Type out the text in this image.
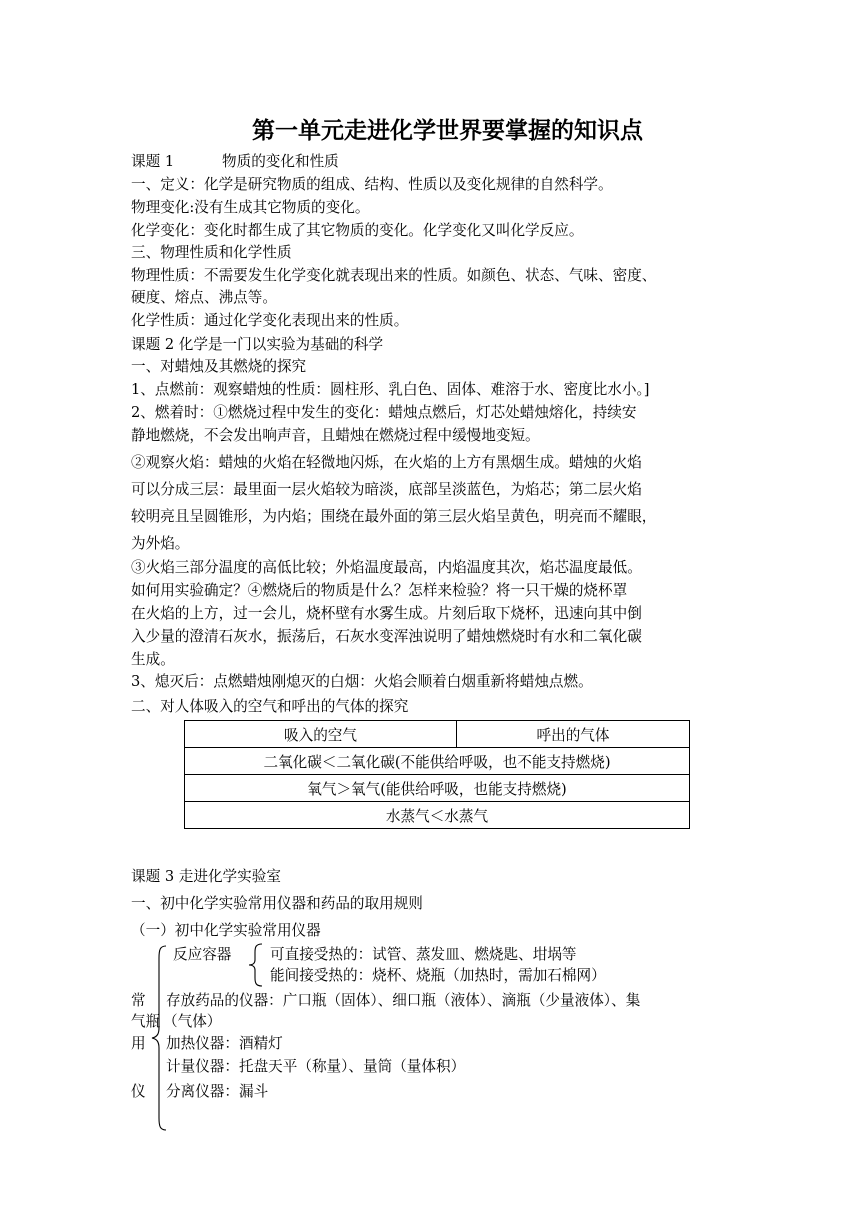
第一单元走进化学世界要掌握的知识点
课题 1	物质的变化和性质
一、定义：化学是研究物质的组成、结构、性质以及变化规律的自然科学。
物理变化:没有生成其它物质的变化。
化学变化：变化时都生成了其它物质的变化。化学变化又叫化学反应。
三、物理性质和化学性质
物理性质：不需要发生化学变化就表现出来的性质。如颜色、状态、气味、密度、
硬度、熔点、沸点等。
化学性质：通过化学变化表现出来的性质。
课题 2 化学是一门以实验为基础的科学
一、对蜡烛及其燃烧的探究
1、点燃前：观察蜡烛的性质：圆柱形、乳白色、固体、难溶于水、密度比水小。]
2、燃着时：①燃烧过程中发生的变化：蜡烛点燃后，灯芯处蜡烛熔化，持续安
静地燃烧，不会发出响声音，且蜡烛在燃烧过程中缓慢地变短。
②观察火焰：蜡烛的火焰在轻微地闪烁，在火焰的上方有黑烟生成。蜡烛的火焰
可以分成三层：最里面一层火焰较为暗淡，底部呈淡蓝色，为焰芯；第二层火焰
较明亮且呈圆锥形，为内焰；围绕在最外面的第三层火焰呈黄色，明亮而不耀眼，
为外焰。
③火焰三部分温度的高低比较；外焰温度最高，内焰温度其次，焰芯温度最低。
如何用实验确定？④燃烧后的物质是什么？怎样来检验？将一只干燥的烧杯罩
在火焰的上方，过一会儿，烧杯壁有水雾生成。片刻后取下烧杯，迅速向其中倒
入少量的澄清石灰水，振荡后，石灰水变浑浊说明了蜡烛燃烧时有水和二氧化碳
生成。
3、熄灭后：点燃蜡烛刚熄灭的白烟：火焰会顺着白烟重新将蜡烛点燃。
二、对人体吸入的空气和呼出的气体的探究
吸入的空气	呼出的气体
二氧化碳＜二氧化碳(不能供给呼吸，也不能支持燃烧)
氧气＞氧气(能供给呼吸，也能支持燃烧)
水蒸气＜水蒸气
课题 3 走进化学实验室
一、初中化学实验常用仪器和药品的取用规则
（一）初中化学实验常用仪器
反应容器	可直接受热的：试管、蒸发皿、燃烧匙、坩埚等
能间接受热的：烧杯、烧瓶（加热时，需加石棉网）
常 存放药品的仪器：广口瓶（固体）、细口瓶（液体）、滴瓶（少量液体）、集
气瓶 （气体）
用 加热仪器：酒精灯
计量仪器：托盘天平（称量）、量筒（量体积）
仪 分离仪器：漏斗
